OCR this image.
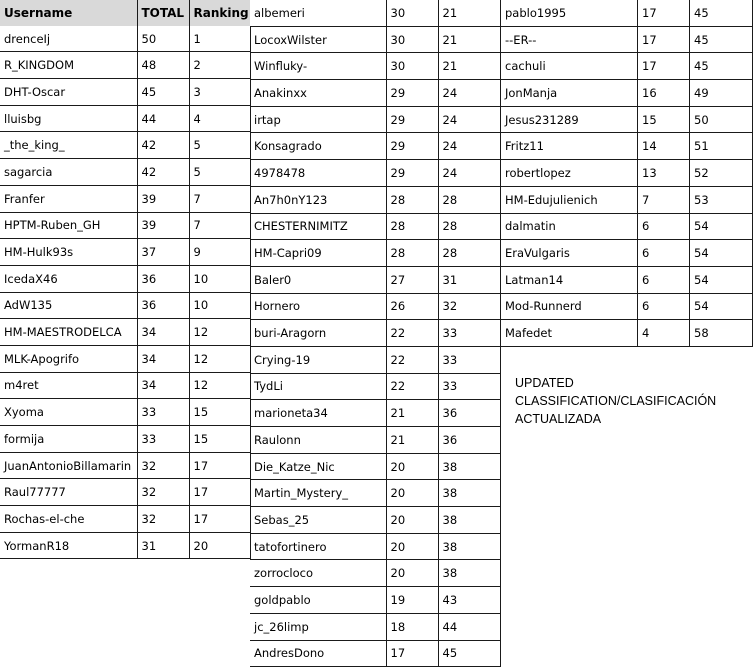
Username	TOTAL	Ranking
drenceIj	50	1
R_KINGDOM	48	2
DHT-Oscar	45	3
lluisbg	44	4
_the_king_	42	5
sagarcia	42	5
Franfer	39	7
HPTM-Ruben_GH	39	7
HM-Hulk93s	37	9
IcedaX46	36	10
AdW135	36	10
HM-MAESTRODELCA	34	12
MLK-Apogrifo	34	12
m4ret	34	12
Xyoma	33	15
formija	33	15
JuanAntonioBillamarin	32	17
Raul77777	32	17
Rochas-el-che	32	17
YormanR18	31	20
albemeri	30	21
LocoxWilster	30	21
Winfluky-	30	21
Anakinxx	29	24
irtap	29	24
Konsagrado	29	24
4978478	29	24
An7h0nY123	28	28
CHESTERNIMITZ	28	28
HM-Capri09	28	28
Baler0	27	31
Hornero	26	32
buri-Aragorn	22	33
Crying-19	22	33
TydLi	22	33
marioneta34	21	36
Raulonn	21	36
Die_Katze_Nic	20	38
Martin_Mystery_	20	38
Sebas_25	20	38
tatofortinero	20	38
zorrocloco	20	38
goldpablo	19	43
jc_26limp	18	44
AndresDono	17	45
pablo1995	17	45
--ER--	17	45
cachuli	17	45
JonManja	16	49
Jesus231289	15	50
Fritz11	14	51
robertlopez	13	52
HM-Edujulienich	7	53
dalmatin	6	54
EraVulgaris	6	54
Latman14	6	54
Mod-Runnerd	6	54
Mafedet	4	58
UPDATED
CLASSIFICATION/CLASIFICACIÓN
ACTUALIZADA
